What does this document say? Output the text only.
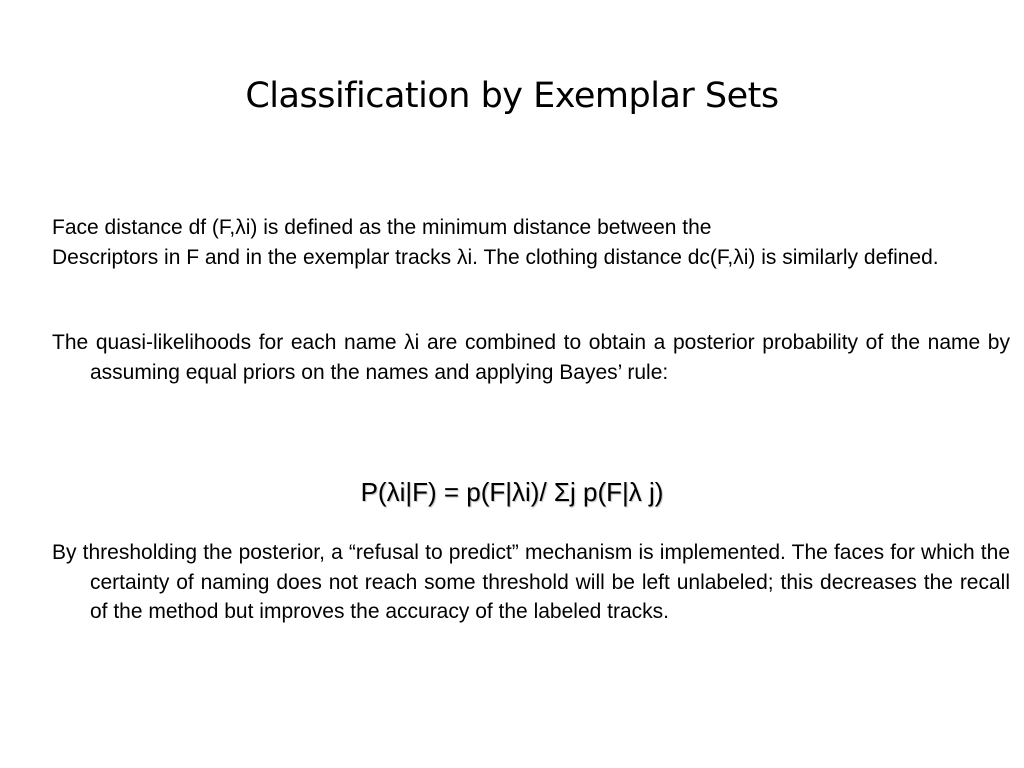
Classification by Exemplar Sets

Face distance df (F,λi) is defined as the minimum distance between the

Descriptors in F and in the exemplar tracks λi. The clothing distance dc(F,λi) is similarly defined.

The quasi-likelihoods for each name λi are combined to obtain a posterior probability of the name by assuming equal priors on the names and applying Bayes’ rule:

P(λi|F) = p(F|λi)/ Σj p(F|λ j)

By thresholding the posterior, a “refusal to predict” mechanism is implemented. The faces for which the certainty of naming does not reach some threshold will be left unlabeled; this decreases the recall of the method but improves the accuracy of the labeled tracks.
